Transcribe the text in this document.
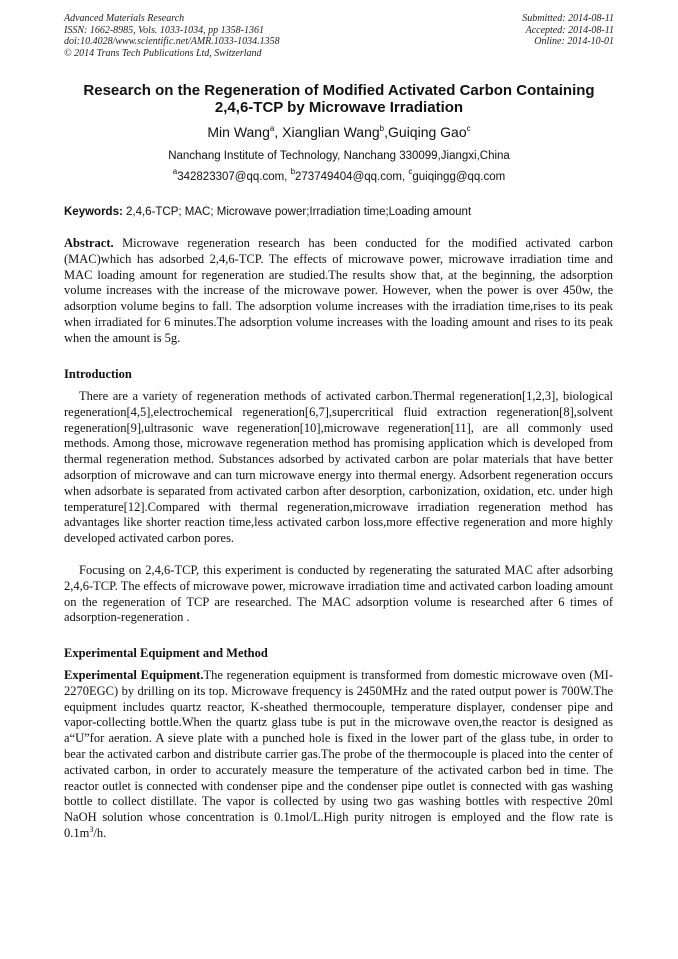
Advanced Materials Research
ISSN: 1662-8985, Vols. 1033-1034, pp 1358-1361
doi:10.4028/www.scientific.net/AMR.1033-1034.1358
© 2014 Trans Tech Publications Ltd, Switzerland
Submitted: 2014-08-11
Accepted: 2014-08-11
Online: 2014-10-01
Research on the Regeneration of Modified Activated Carbon Containing
2,4,6-TCP by Microwave Irradiation
Min Wang$^a$, Xianglian Wang$^b$,Guiqing Gao$^c$
Nanchang Institute of Technology, Nanchang 330099,Jiangxi,China
$^a$342823307@qq.com, $^b$273749404@qq.com, $^c$guiqingg@qq.com
Keywords: 2,4,6-TCP; MAC; Microwave power;Irradiation time;Loading amount
Abstract. Microwave regeneration research has been conducted for the modified activated carbon (MAC)which has adsorbed 2,4,6-TCP. The effects of microwave power, microwave irradiation time and MAC loading amount for regeneration are studied.The results show that, at the beginning, the adsorption volume increases with the increase of the microwave power. However, when the power is over 450w, the adsorption volume begins to fall. The adsorption volume increases with the irradiation time,rises to its peak when irradiated for 6 minutes.The adsorption volume increases with the loading amount and rises to its peak when the amount is 5g.
Introduction
There are a variety of regeneration methods of activated carbon.Thermal regeneration[1,2,3], biological regeneration[4,5],electrochemical regeneration[6,7],supercritical fluid extraction regeneration[8],solvent regeneration[9],ultrasonic wave regeneration[10],microwave regeneration[11], are all commonly used methods. Among those, microwave regeneration method has promising application which is developed from thermal regeneration method. Substances adsorbed by activated carbon are polar materials that have better adsorption of microwave and can turn microwave energy into thermal energy. Adsorbent regeneration occurs when adsorbate is separated from activated carbon after desorption, carbonization, oxidation, etc. under high temperature[12].Compared with thermal regeneration,microwave irradiation regeneration method has advantages like shorter reaction time,less activated carbon loss,more effective regeneration and more highly developed activated carbon pores.
Focusing on 2,4,6-TCP, this experiment is conducted by regenerating the saturated MAC after adsorbing 2,4,6-TCP. The effects of microwave power, microwave irradiation time and activated carbon loading amount on the regeneration of TCP are researched. The MAC adsorption volume is researched after 6 times of adsorption-regeneration .
Experimental Equipment and Method
Experimental Equipment.The regeneration equipment is transformed from domestic microwave oven (MI-2270EGC) by drilling on its top. Microwave frequency is 2450MHz and the rated output power is 700W.The equipment includes quartz reactor, K-sheathed thermocouple, temperature displayer, condenser pipe and vapor-collecting bottle.When the quartz glass tube is put in the microwave oven,the reactor is designed as a“U”for aeration. A sieve plate with a punched hole is fixed in the lower part of the glass tube, in order to bear the activated carbon and distribute carrier gas.The probe of the thermocouple is placed into the center of activated carbon, in order to accurately measure the temperature of the activated carbon bed in time. The reactor outlet is connected with condenser pipe and the condenser pipe outlet is connected with gas washing bottle to collect distillate. The vapor is collected by using two gas washing bottles with respective 20ml NaOH solution whose concentration is 0.1mol/L.High purity nitrogen is employed and the flow rate is $0.1m^3/h$.
